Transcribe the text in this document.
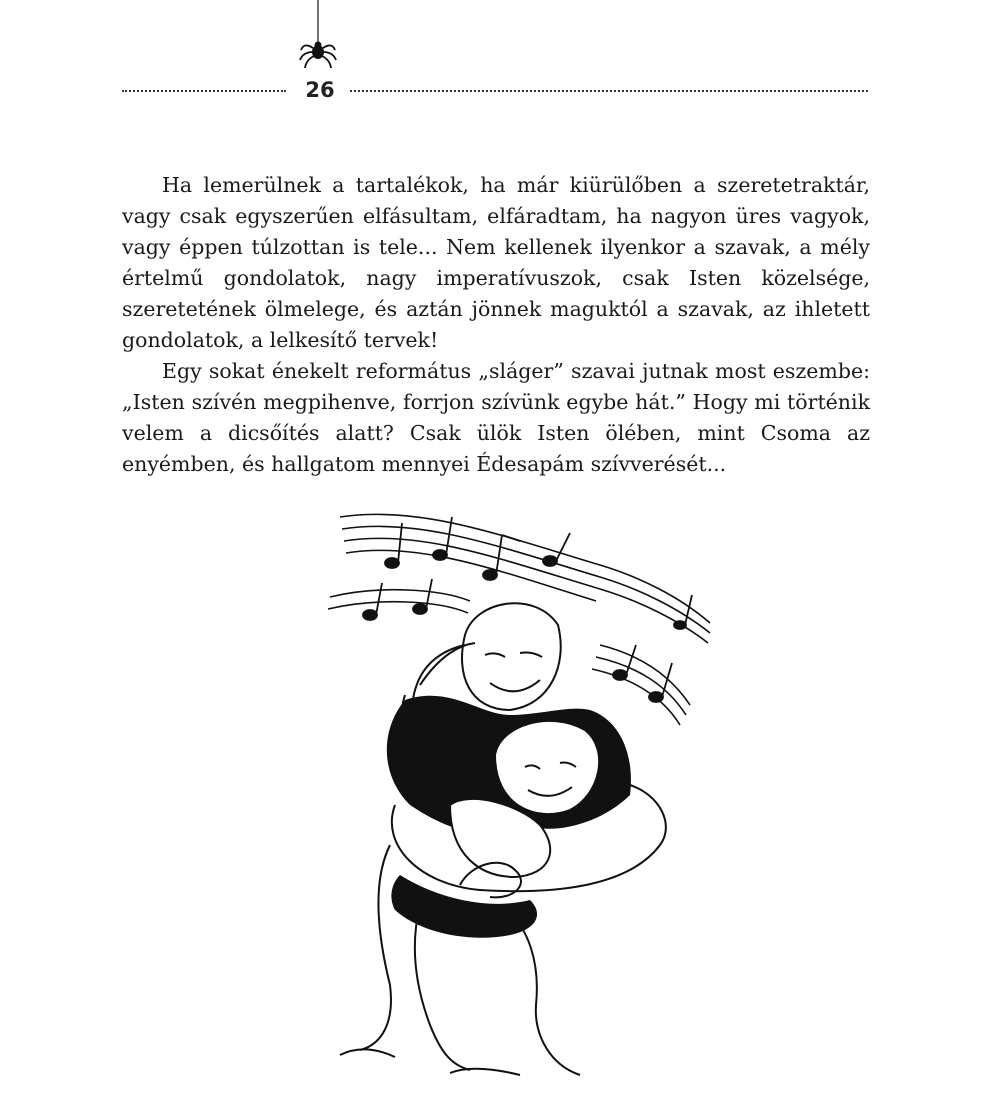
26

Ha lemerülnek a tartalékok, ha már kiürülőben a szeretetraktár, vagy csak egyszerűen elfásultam, elfáradtam, ha nagyon üres vagyok, vagy éppen túlzottan is tele... Nem kellenek ilyenkor a szavak, a mély értelmű gondolatok, nagy imperatívuszok, csak Isten közelsége, szeretetének ölmelege, és aztán jönnek maguktól a szavak, az ihletett gondolatok, a lelkesítő tervek!

Egy sokat énekelt református „sláger” szavai jutnak most eszembe: „Isten szívén megpihenve, forrjon szívünk egybe hát.” Hogy mi történik velem a dicsőítés alatt? Csak ülök Isten ölében, mint Csoma az enyémben, és hallgatom mennyei Édesapám szívverését...
